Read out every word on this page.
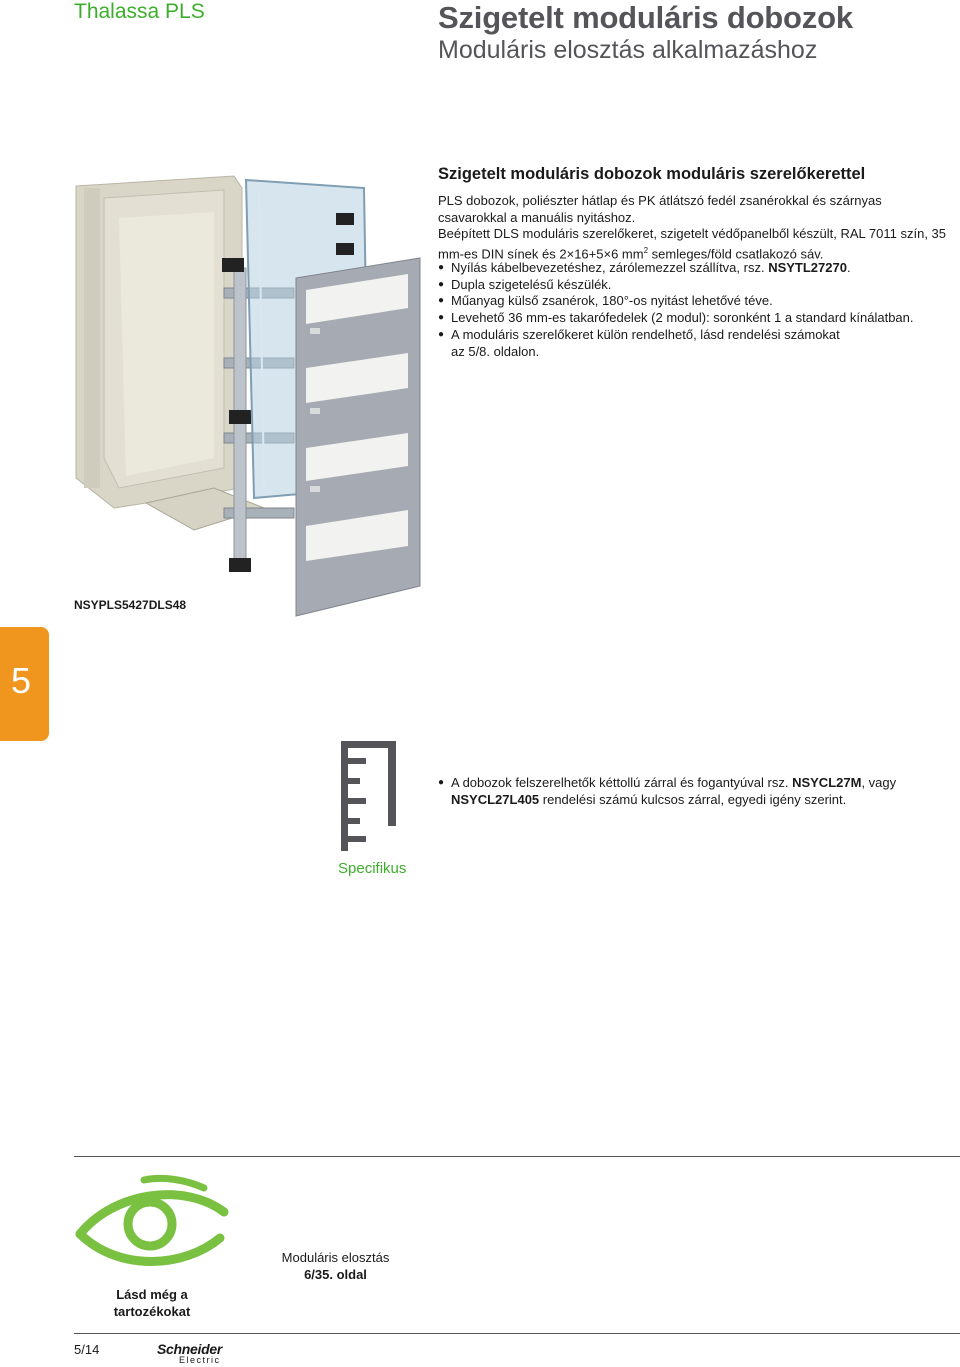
Thalassa PLS	Szigetelt moduláris dobozok
Moduláris elosztás alkalmazáshoz
Szigetelt moduláris dobozok moduláris szerelőkerettel

PLS dobozok, poliészter hátlap és PK átlátszó fedél zsanérokkal és szárnyas csavarokkal a manuális nyitáshoz.

Beépített DLS moduláris szerelőkeret, szigetelt védőpanelből készült, RAL 7011 szín, 35 mm-es DIN sínek és 2×16+5×6 $mm^2$ semleges/föld csatlakozó sáv.

● Nyílás kábelbevezetéshez, zárólemezzel szállítva, rsz. NSYTL27270.
● Dupla szigetelésű készülék.
● Műanyag külső zsanérok, 180°-os nyitást lehetővé téve.
● Levehető 36 mm-es takarófedelek (2 modul): soronként 1 a standard kínálatban.
● A moduláris szerelőkeret külön rendelhető, lásd rendelési számokat
az 5/8. oldalon.
NSYPLS5427DLS48
5
Specifikus
● A dobozok felszerelhetők kéttollú zárral és fogantyúval rsz. NSYCL27M, vagy NSYCL27L405 rendelési számú kulcsos zárral, egyedi igény szerint.
Lásd még a
tartozékokat
Moduláris elosztás
6/35. oldal
5/14	Schneider
Electric
